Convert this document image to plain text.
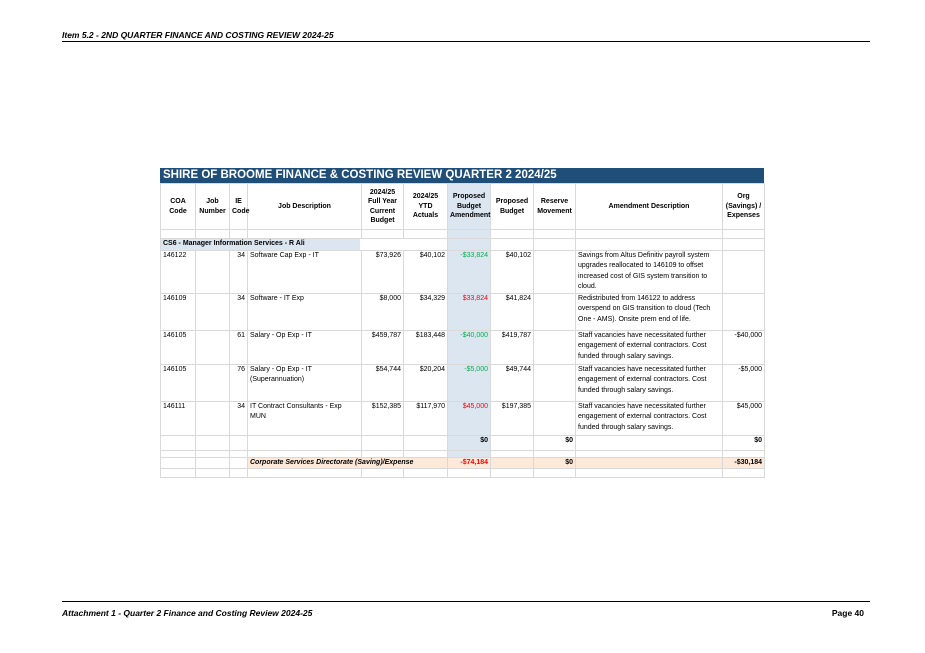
Item 5.2 - 2ND QUARTER FINANCE AND COSTING REVIEW 2024-25
SHIRE OF BROOME FINANCE & COSTING REVIEW QUARTER 2 2024/25
COA Code	Job Number	IE Code	Job Description	2024/25 Full Year Current Budget	2024/25 YTD Actuals	Proposed Budget Amendment	Proposed Budget	Reserve Movement	Amendment Description	Org (Savings) / Expenses

CS6 - Manager Information Services - R Ali										
146122		34	Software Cap Exp - IT	$73,926	$40,102	-$33,824	$40,102		Savings from Altus Definitiv payroll system upgrades reallocated to 146109 to offset increased cost of GIS system transition to cloud.	
146109		34	Software - IT Exp	$8,000	$34,329	$33,824	$41,824		Redistributed from 146122 to address overspend on GIS transition to cloud (Tech One - AMS). Onsite prem end of life.	
146105		61	Salary - Op Exp - IT	$459,787	$183,448	-$40,000	$419,787		Staff vacancies have necessitated further engagement of external contractors. Cost funded through salary savings.	-$40,000
146105		76	Salary - Op Exp - IT (Superannuation)	$54,744	$20,204	-$5,000	$49,744		Staff vacancies have necessitated further engagement of external contractors. Cost funded through salary savings.	-$5,000
146111		34	IT Contract Consultants - Exp MUN	$152,385	$117,970	$45,000	$197,385		Staff vacancies have necessitated further engagement of external contractors. Cost funded through salary savings.	$45,000
						$0		$0		$0

			Corporate Services Directorate (Saving)/Expense			-$74,184		$0		-$30,184

Attachment 1 - Quarter 2 Finance and Costing Review 2024-25	Page 40
